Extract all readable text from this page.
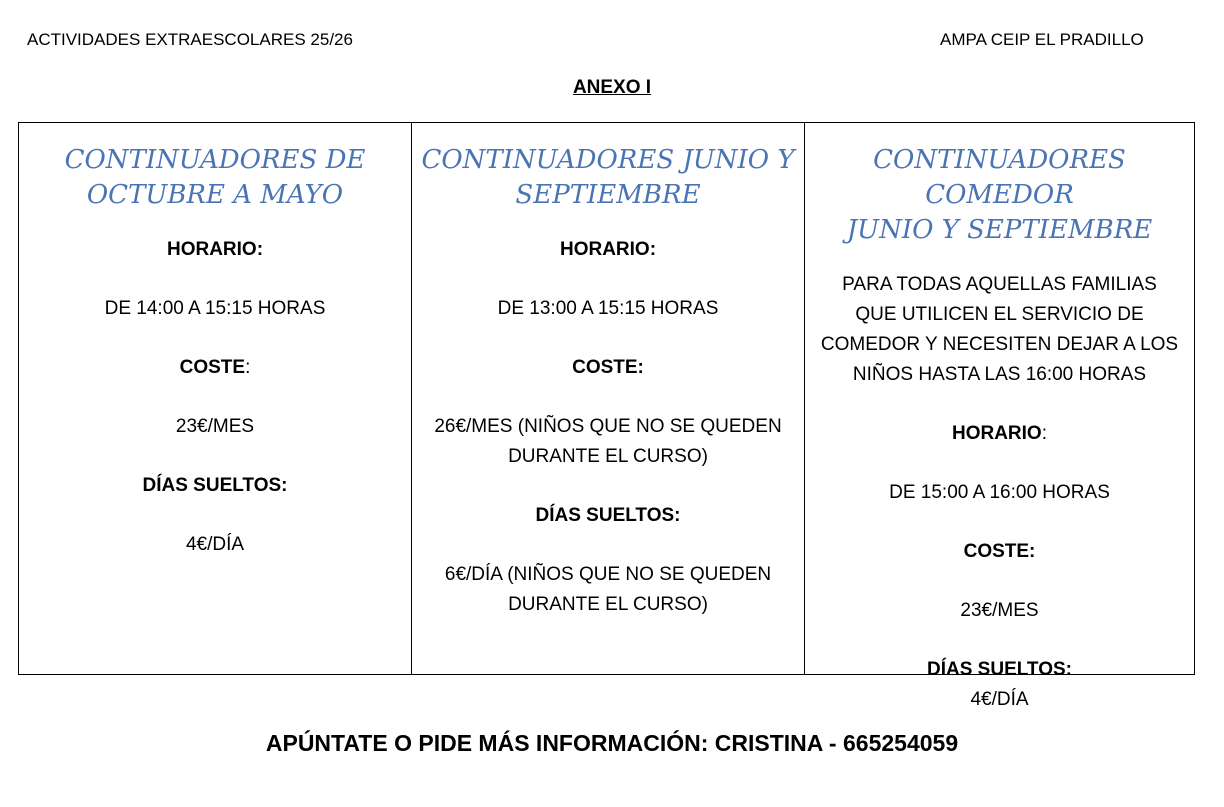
ACTIVIDADES EXTRAESCOLARES 25/26	AMPA CEIP EL PRADILLO
ANEXO I

CONTINUADORES DE

OCTUBRE A MAYO

HORARIO:

DE 14:00 A 15:15 HORAS

COSTE:

23€/MES

DÍAS SUELTOS:

4€/DÍA

CONTINUADORES JUNIO Y

SEPTIEMBRE

HORARIO:

DE 13:00 A 15:15 HORAS

COSTE:

26€/MES (NIÑOS QUE NO SE QUEDEN

DURANTE EL CURSO)

DÍAS SUELTOS:

6€/DÍA (NIÑOS QUE NO SE QUEDEN

DURANTE EL CURSO)

CONTINUADORES COMEDOR

JUNIO Y SEPTIEMBRE

PARA TODAS AQUELLAS FAMILIAS

QUE UTILICEN EL SERVICIO DE

COMEDOR Y NECESITEN DEJAR A LOS

NIÑOS HASTA LAS 16:00 HORAS

HORARIO:

DE 15:00 A 16:00 HORAS

COSTE:

23€/MES

DÍAS SUELTOS:

4€/DÍA

APÚNTATE O PIDE MÁS INFORMACIÓN: CRISTINA - 665254059
